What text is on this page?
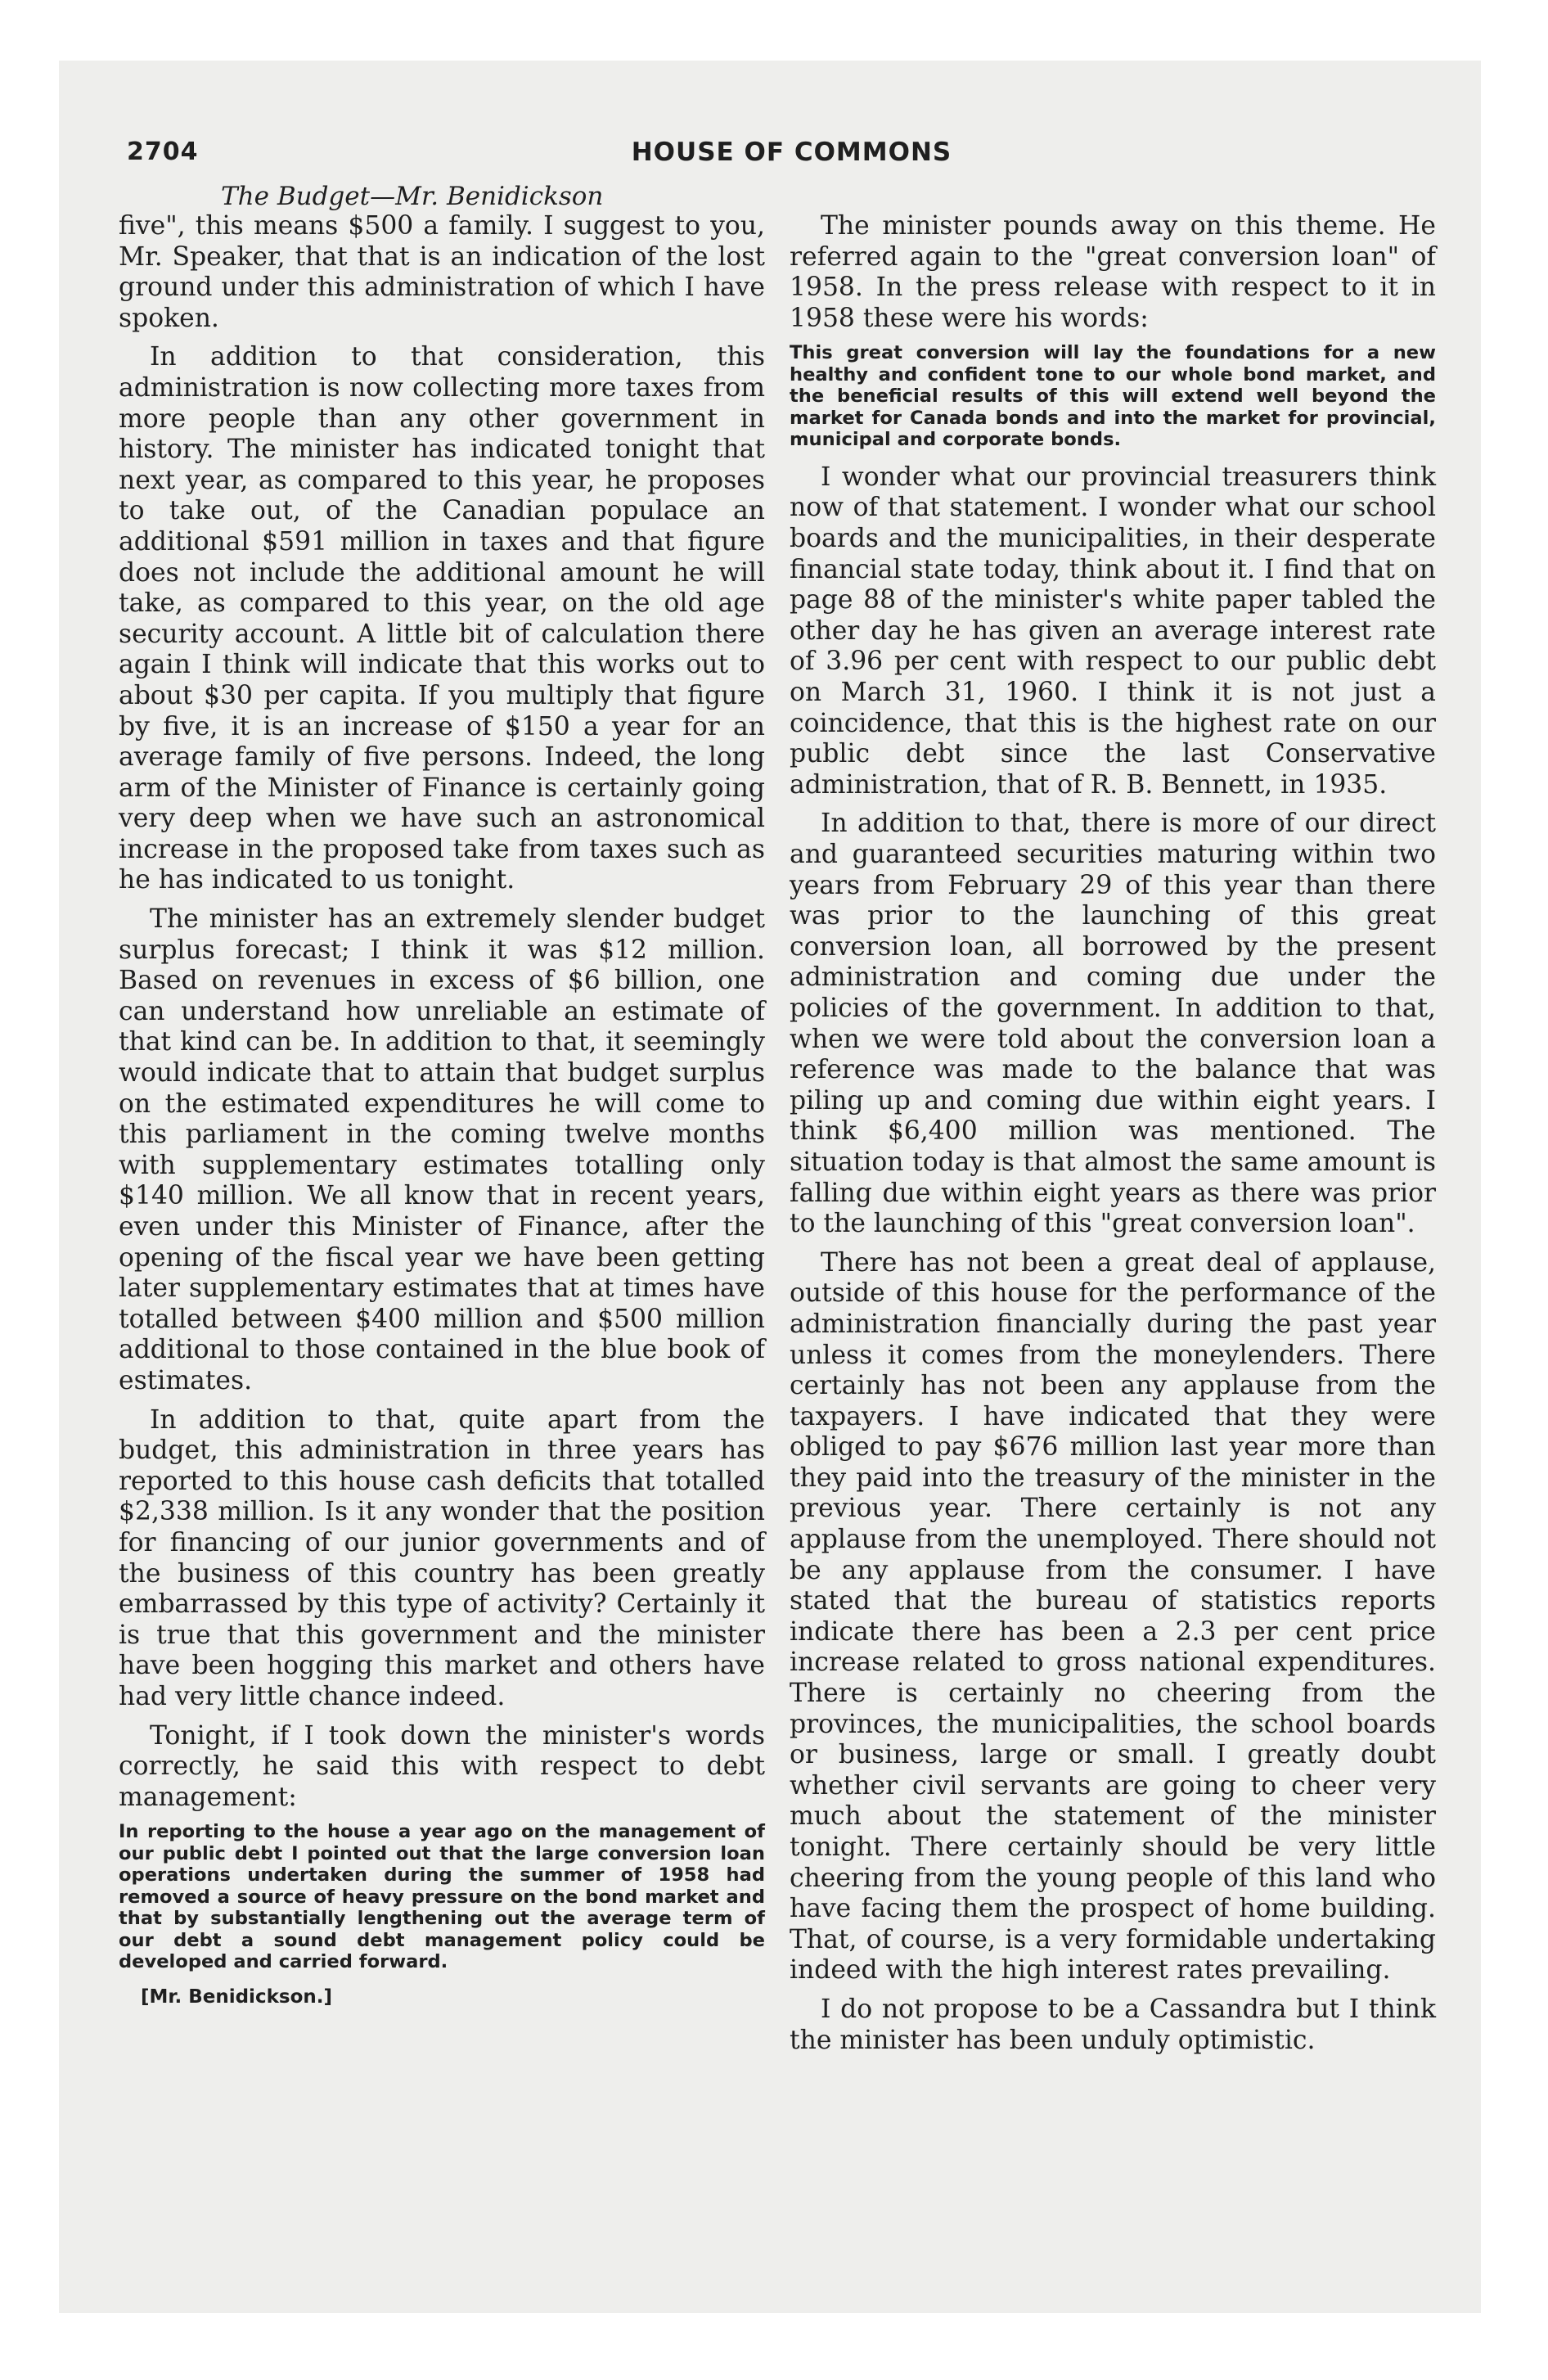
2704	HOUSE OF COMMONS
The Budget—Mr. Benidickson

five", this means $500 a family. I suggest to you, Mr. Speaker, that that is an indication of the lost ground under this administration of which I have spoken.

In addition to that consideration, this administration is now collecting more taxes from more people than any other government in history. The minister has indicated tonight that next year, as compared to this year, he proposes to take out, of the Canadian populace an additional $591 million in taxes and that figure does not include the additional amount he will take, as compared to this year, on the old age security account. A little bit of calculation there again I think will indicate that this works out to about $30 per capita. If you multiply that figure by five, it is an increase of $150 a year for an average family of five persons. Indeed, the long arm of the Minister of Finance is certainly going very deep when we have such an astronomical increase in the proposed take from taxes such as he has indicated to us tonight.

The minister has an extremely slender budget surplus forecast; I think it was $12 million. Based on revenues in excess of $6 billion, one can understand how unreliable an estimate of that kind can be. In addition to that, it seemingly would indicate that to attain that budget surplus on the estimated expenditures he will come to this parliament in the coming twelve months with supplementary estimates totalling only $140 million. We all know that in recent years, even under this Minister of Finance, after the opening of the fiscal year we have been getting later supplementary estimates that at times have totalled between $400 million and $500 million additional to those contained in the blue book of estimates.

In addition to that, quite apart from the budget, this administration in three years has reported to this house cash deficits that totalled $2,338 million. Is it any wonder that the position for financing of our junior governments and of the business of this country has been greatly embarrassed by this type of activity? Certainly it is true that this government and the minister have been hogging this market and others have had very little chance indeed.

Tonight, if I took down the minister's words correctly, he said this with respect to debt management:

In reporting to the house a year ago on the management of our public debt I pointed out that the large conversion loan operations undertaken during the summer of 1958 had removed a source of heavy pressure on the bond market and that by substantially lengthening out the average term of our debt a sound debt management policy could be developed and carried forward.
[Mr. Benidickson.]

The minister pounds away on this theme. He referred again to the "great conversion loan" of 1958. In the press release with respect to it in 1958 these were his words:

This great conversion will lay the foundations for a new healthy and confident tone to our whole bond market, and the beneficial results of this will extend well beyond the market for Canada bonds and into the market for provincial, municipal and corporate bonds.

I wonder what our provincial treasurers think now of that statement. I wonder what our school boards and the municipalities, in their desperate financial state today, think about it. I find that on page 88 of the minister's white paper tabled the other day he has given an average interest rate of 3.96 per cent with respect to our public debt on March 31, 1960. I think it is not just a coincidence, that this is the highest rate on our public debt since the last Conservative administration, that of R. B. Bennett, in 1935.

In addition to that, there is more of our direct and guaranteed securities maturing within two years from February 29 of this year than there was prior to the launching of this great conversion loan, all borrowed by the present administration and coming due under the policies of the government. In addition to that, when we were told about the conversion loan a reference was made to the balance that was piling up and coming due within eight years. I think $6,400 million was mentioned. The situation today is that almost the same amount is falling due within eight years as there was prior to the launching of this "great conversion loan".

There has not been a great deal of applause, outside of this house for the performance of the administration financially during the past year unless it comes from the moneylenders. There certainly has not been any applause from the taxpayers. I have indicated that they were obliged to pay $676 million last year more than they paid into the treasury of the minister in the previous year. There certainly is not any applause from the unemployed. There should not be any applause from the consumer. I have stated that the bureau of statistics reports indicate there has been a 2.3 per cent price increase related to gross national expenditures. There is certainly no cheering from the provinces, the municipalities, the school boards or business, large or small. I greatly doubt whether civil servants are going to cheer very much about the statement of the minister tonight. There certainly should be very little cheering from the young people of this land who have facing them the prospect of home building. That, of course, is a very formidable undertaking indeed with the high interest rates prevailing.

I do not propose to be a Cassandra but I think the minister has been unduly optimistic.
